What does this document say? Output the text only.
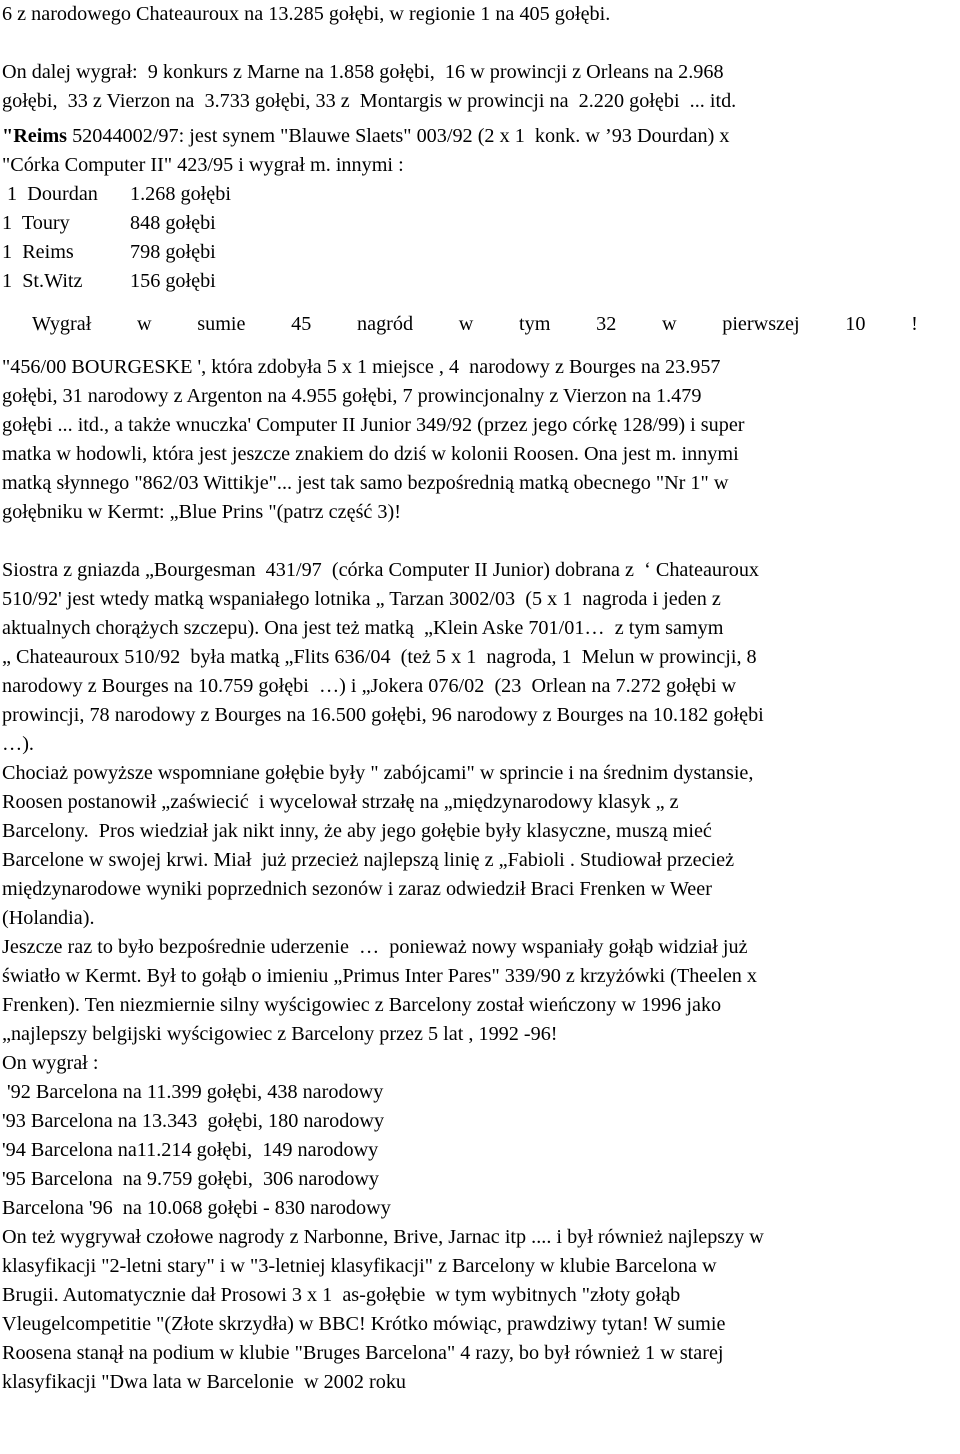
6 z narodowego Chateauroux na 13.285 gołębi, w regionie 1 na 405 gołębi.
On dalej wygrał:  9 konkurs z Marne na 1.858 gołębi,  16 w prowincji z Orleans na 2.968
gołębi,  33 z Vierzon na  3.733 gołębi, 33 z  Montargis w prowincji na  2.220 gołębi  ... itd.
"Reims 52044002/97: jest synem "Blauwe Slaets" 003/92 (2 x 1  konk. w ’93 Dourdan) x
"Córka Computer II" 423/95 i wygrał m. innymi :
1  Dourdan	1.268 gołębi
1  Toury	848 gołębi
1  Reims	798 gołębi
1  St.Witz	156 gołębi
Wygrał w sumie 45 nagród w tym 32 w pierwszej 10 !
"456/00 BOURGESKE ', która zdobyła 5 x 1 miejsce , 4  narodowy z Bourges na 23.957
gołębi, 31 narodowy z Argenton na 4.955 gołębi, 7 prowincjonalny z Vierzon na 1.479
gołębi ... itd., a także wnuczka' Computer II Junior 349/92 (przez jego córkę 128/99) i super
matka w hodowli, która jest jeszcze znakiem do dziś w kolonii Roosen. Ona jest m. innymi
matką słynnego "862/03 Wittikje"... jest tak samo bezpośrednią matką obecnego "Nr 1" w
gołębniku w Kermt: „Blue Prins "(patrz część 3)!
Siostra z gniazda „Bourgesman  431/97  (córka Computer II Junior) dobrana z  ‘ Chateauroux
510/92' jest wtedy matką wspaniałego lotnika „ Tarzan 3002/03  (5 x 1  nagroda i jeden z
aktualnych chorążych szczepu). Ona jest też matką  „Klein Aske 701/01…  z tym samym
„ Chateauroux 510/92  była matką „Flits 636/04  (też 5 x 1  nagroda, 1  Melun w prowincji, 8
narodowy z Bourges na 10.759 gołębi  …) i „Jokera 076/02  (23  Orlean na 7.272 gołębi w
prowincji, 78 narodowy z Bourges na 16.500 gołębi, 96 narodowy z Bourges na 10.182 gołębi
…).
Chociaż powyższe wspomniane gołębie były " zabójcami" w sprincie i na średnim dystansie,
Roosen postanowił „zaświecić  i wycelował strzałę na „międzynarodowy klasyk „ z
Barcelony.  Pros wiedział jak nikt inny, że aby jego gołębie były klasyczne, muszą mieć
Barcelone w swojej krwi. Miał  już przecież najlepszą linię z „Fabioli . Studiował przecież
międzynarodowe wyniki poprzednich sezonów i zaraz odwiedził Braci Frenken w Weer
(Holandia).
Jeszcze raz to było bezpośrednie uderzenie  …  ponieważ nowy wspaniały gołąb widział już
światło w Kermt. Był to gołąb o imieniu „Primus Inter Pares" 339/90 z krzyżówki (Theelen x
Frenken). Ten niezmiernie silny wyścigowiec z Barcelony został wieńczony w 1996 jako
„najlepszy belgijski wyścigowiec z Barcelony przez 5 lat , 1992 -96!
On wygrał :
'92 Barcelona na 11.399 gołębi, 438 narodowy
'93 Barcelona na 13.343  gołębi, 180 narodowy
'94 Barcelona na11.214 gołębi,  149 narodowy
'95 Barcelona  na 9.759 gołębi,  306 narodowy
Barcelona '96  na 10.068 gołębi - 830 narodowy
On też wygrywał czołowe nagrody z Narbonne, Brive, Jarnac itp .... i był również najlepszy w
klasyfikacji "2-letni stary" i w "3-letniej klasyfikacji" z Barcelony w klubie Barcelona w
Brugii. Automatycznie dał Prosowi 3 x 1  as-gołębie  w tym wybitnych "złoty gołąb
Vleugelcompetitie "(Złote skrzydła) w BBC! Krótko mówiąc, prawdziwy tytan! W sumie
Roosena stanął na podium w klubie "Bruges Barcelona" 4 razy, bo był również 1 w starej
klasyfikacji "Dwa lata w Barcelonie  w 2002 roku
